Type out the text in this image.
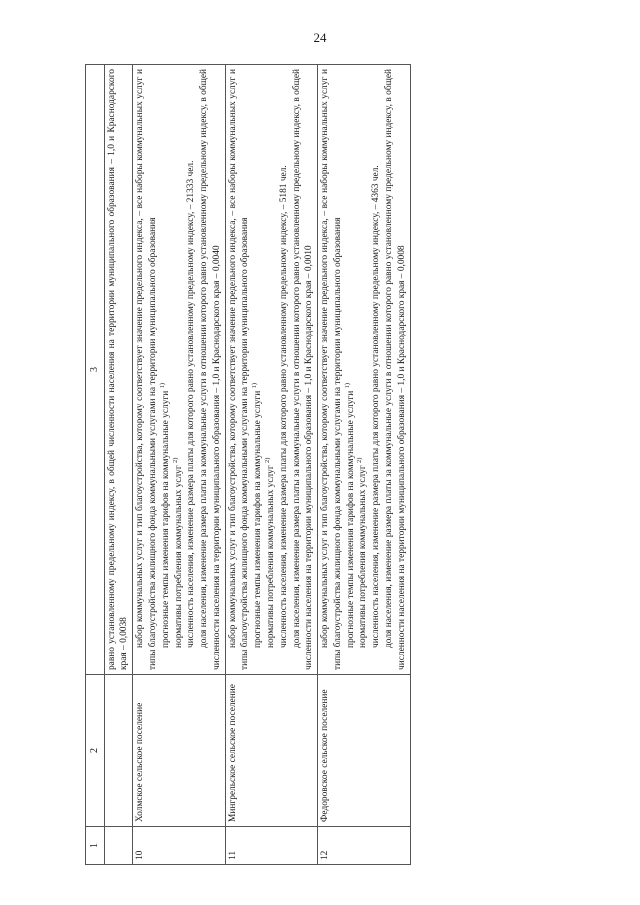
24
1	2	3

		равно установленному предельному индексу, в общей численности населения на территории муниципального образования – 1,0 и Краснодарского края – 0,0038

10	Холмское сельское поселение	набор коммунальных услуг и тип благоустройства, которому соответствует значение предельного индекса, – все наборы коммунальных услуг и типы благоустройства жилищного фонда коммунальными услугами на территории муниципального образования прогнозные темпы изменения тарифов на коммунальные услуги $^{1)}$

нормативы потребления коммунальных услуг $^{2)}$ численность населения, изменение размера платы для которого равно установленному предельному индексу, – 21333 чел. доля населения, изменение размера платы за коммунальные услуги в отношении которого равно установленному предельному индексу, в общей численности населения на территории муниципального образования – 1,0 и Краснодарского края – 0,0040

11	Мингрельское сельское поселение	набор коммунальных услуг и тип благоустройства, которому соответствует значение предельного индекса, – все наборы коммунальных услуг и типы благоустройства жилищного фонда коммунальными услугами на территории муниципального образования прогнозные темпы изменения тарифов на коммунальные услуги $^{1)}$

нормативы потребления коммунальных услуг $^{2)}$ численность населения, изменение размера платы для которого равно установленному предельному индексу, – 5181 чел. доля населения, изменение размера платы за коммунальные услуги в отношении которого равно установленному предельному индексу, в общей численности населения на территории муниципального образования – 1,0 и Краснодарского края – 0,0010

12	Федоровское сельское поселение	набор коммунальных услуг и тип благоустройства, которому соответствует значение предельного индекса, – все наборы коммунальных услуг и типы благоустройства жилищного фонда коммунальными услугами на территории муниципального образования прогнозные темпы изменения тарифов на коммунальные услуги $^{1)}$

нормативы потребления коммунальных услуг $^{2)}$ численность населения, изменение размера платы для которого равно установленному предельному индексу, – 4363 чел. доля населения, изменение размера платы за коммунальные услуги в отношении которого равно установленному предельному индексу, в общей численности населения на территории муниципального образования – 1,0 и Краснодарского края – 0,0008
